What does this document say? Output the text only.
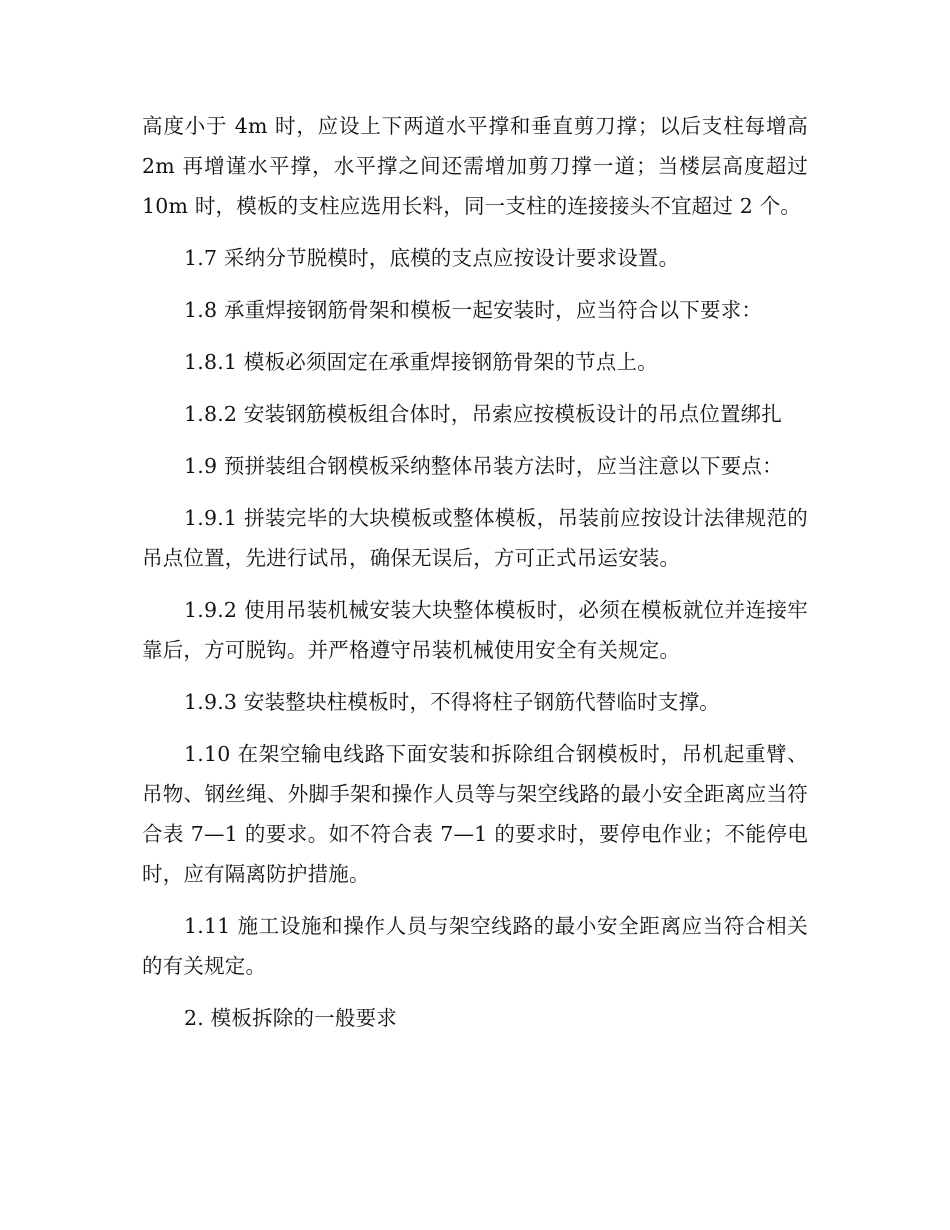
高度小于 4m 时，应设上下两道水平撑和垂直剪刀撑；以后支柱每增高 2m 再增谨水平撑，水平撑之间还需增加剪刀撑一道；当楼层高度超过 10m 时，模板的支柱应选用长料，同一支柱的连接接头不宜超过 2 个。

1.7 采纳分节脱模时，底模的支点应按设计要求设置。

1.8 承重焊接钢筋骨架和模板一起安装时，应当符合以下要求：

1.8.1 模板必须固定在承重焊接钢筋骨架的节点上。

1.8.2 安装钢筋模板组合体时，吊索应按模板设计的吊点位置绑扎

1.9 预拼装组合钢模板采纳整体吊装方法时，应当注意以下要点：

1.9.1 拼装完毕的大块模板或整体模板，吊装前应按设计法律规范的吊点位置，先进行试吊，确保无误后，方可正式吊运安装。

1.9.2 使用吊装机械安装大块整体模板时，必须在模板就位并连接牢靠后，方可脱钩。并严格遵守吊装机械使用安全有关规定。

1.9.3 安装整块柱模板时，不得将柱子钢筋代替临时支撑。

1.10 在架空输电线路下面安装和拆除组合钢模板时，吊机起重臂、吊物、钢丝绳、外脚手架和操作人员等与架空线路的最小安全距离应当符合表 7—1 的要求。如不符合表 7—1 的要求时，要停电作业；不能停电时，应有隔离防护措施。

1.11 施工设施和操作人员与架空线路的最小安全距离应当符合相关的有关规定。

2. 模板拆除的一般要求
